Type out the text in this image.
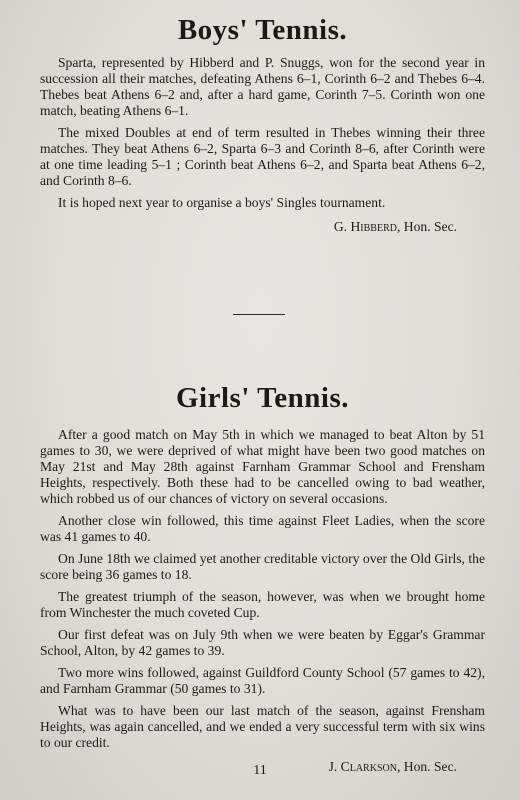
Boys' Tennis.

Sparta, represented by Hibberd and P. Snuggs, won for the second year in succession all their matches, defeating Athens 6–1, Corinth 6–2 and Thebes 6–4. Thebes beat Athens 6–2 and, after a hard game, Corinth 7–5. Corinth won one match, beating Athens 6–1.

The mixed Doubles at end of term resulted in Thebes winning their three matches. They beat Athens 6–2, Sparta 6–3 and Corinth 8–6, after Corinth were at one time leading 5–1 ; Corinth beat Athens 6–2, and Sparta beat Athens 6–2, and Corinth 8–6.

It is hoped next year to organise a boys' Singles tournament.

G. Hibberd, Hon. Sec.

Girls' Tennis.

After a good match on May 5th in which we managed to beat Alton by 51 games to 30, we were deprived of what might have been two good matches on May 21st and May 28th against Farnham Grammar School and Frensham Heights, respectively. Both these had to be cancelled owing to bad weather, which robbed us of our chances of victory on several occasions.

Another close win followed, this time against Fleet Ladies, when the score was 41 games to 40.

On June 18th we claimed yet another creditable victory over the Old Girls, the score being 36 games to 18.

The greatest triumph of the season, however, was when we brought home from Winchester the much coveted Cup.

Our first defeat was on July 9th when we were beaten by Eggar's Grammar School, Alton, by 42 games to 39.

Two more wins followed, against Guildford County School (57 games to 42), and Farnham Grammar (50 games to 31).

What was to have been our last match of the season, against Frensham Heights, was again cancelled, and we ended a very successful term with six wins to our credit.

J. Clarkson, Hon. Sec.

11
